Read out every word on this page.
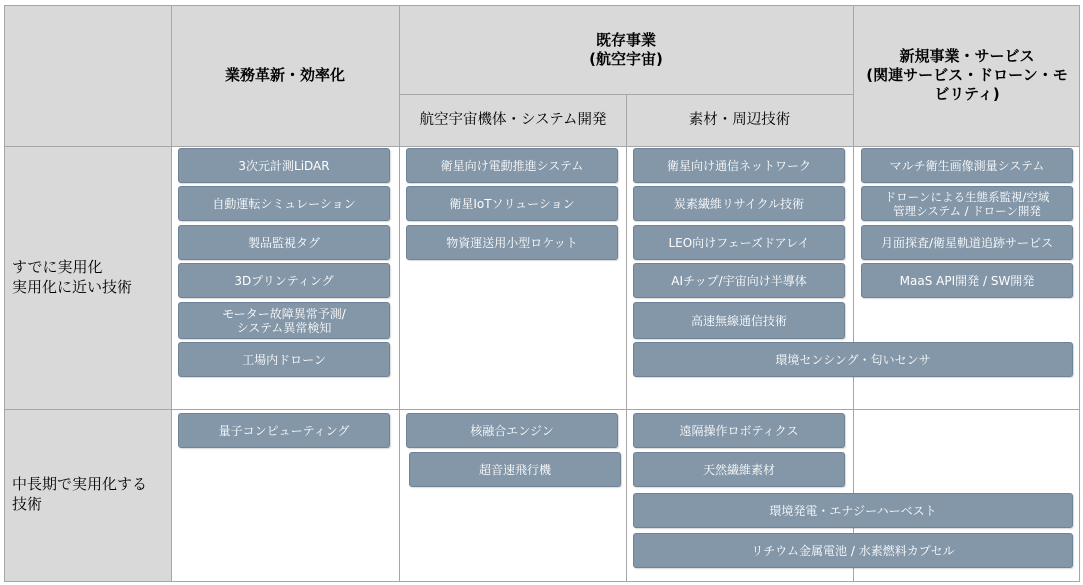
業務革新・効率化
既存事業
(航空宇宙)
航空宇宙機体・システム開発	素材・周辺技術
新規事業・サービス
(関連サービス・ドローン・モビリティ)
すでに実用化
実用化に近い技術
中長期で実用化する技術
3次元計測LiDAR
自動運転シミュレーション
製品監視タグ
3Dプリンティング
モーター故障異常予測/
システム異常検知
工場内ドローン
衛星向け電動推進システム
衛星IoTソリューション
物資運送用小型ロケット
衛星向け通信ネットワーク
炭素繊維リサイクル技術
LEO向けフェーズドアレイ
AIチップ/宇宙向け半導体
高速無線通信技術
マルチ衛生画像測量システム
ドローンによる生態系監視/空域
管理システム / ドローン開発
月面探査/衛星軌道追跡サービス
MaaS API開発 / SW開発
環境センシング・匂いセンサ
量子コンピューティング	核融合エンジン
超音速飛行機
遠隔操作ロボティクス
天然繊維素材
環境発電・エナジーハーベスト
リチウム金属電池 / 水素燃料カプセル
